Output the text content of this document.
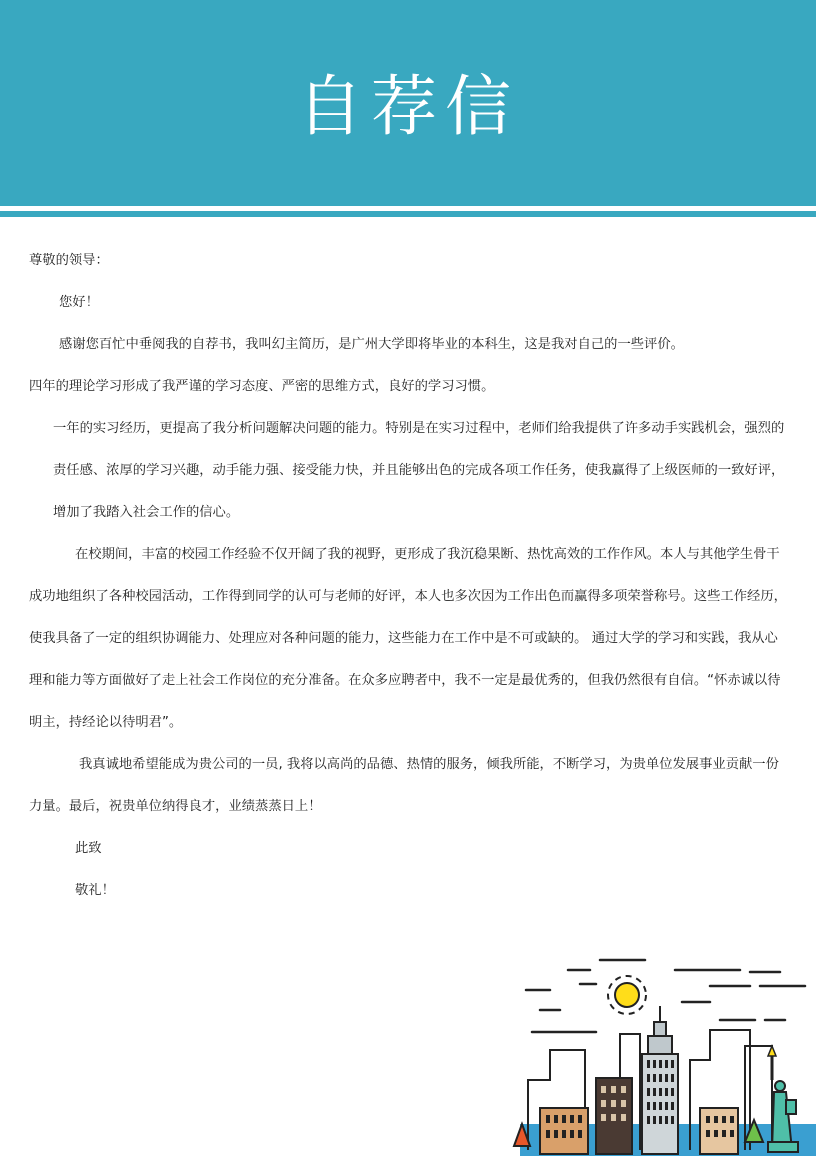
自荐信

尊敬的领导：

您好！

感谢您百忙中垂阅我的自荐书，我叫幻主简历，是广州大学即将毕业的本科生，这是我对自己的一些评价。

四年的理论学习形成了我严谨的学习态度、严密的思维方式，良好的学习习惯。

一年的实习经历，更提高了我分析问题解决问题的能力。特别是在实习过程中，老师们给我提供了许多动手实践机会，强烈的责任感、浓厚的学习兴趣，动手能力强、接受能力快，并且能够出色的完成各项工作任务，使我赢得了上级医师的一致好评，增加了我踏入社会工作的信心。

在校期间，丰富的校园工作经验不仅开阔了我的视野，更形成了我沉稳果断、热忱高效的工作作风。本人与其他学生骨干成功地组织了各种校园活动，工作得到同学的认可与老师的好评，本人也多次因为工作出色而赢得多项荣誉称号。这些工作经历，使我具备了一定的组织协调能力、处理应对各种问题的能力，这些能力在工作中是不可或缺的。 通过大学的学习和实践，我从心理和能力等方面做好了走上社会工作岗位的充分准备。在众多应聘者中，我不一定是最优秀的，但我仍然很有自信。“怀赤诚以待明主，持经论以待明君”。

我真诚地希望能成为贵公司的一员, 我将以高尚的品德、热情的服务，倾我所能，不断学习，为贵单位发展事业贡献一份力量。最后，祝贵单位纳得良才，业绩蒸蒸日上！

此致

敬礼！
